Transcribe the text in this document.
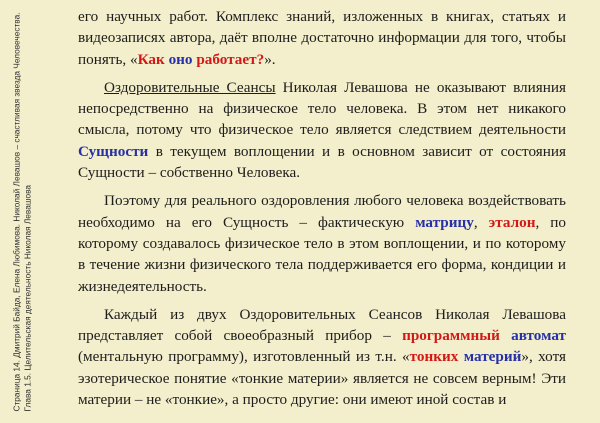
Страница 14. Дмитрий Байда, Елена Любимова. Николай Левашов – счастливая звезда Человечества. Глава 1.5. Целительская деятельность Николая Левашова

его научных работ. Комплекс знаний, изложенных в книгах, статьях и видеозаписях автора, даёт вполне достаточно информации для того, чтобы понять, «Как оно работает?».

Оздоровительные Сеансы Николая Левашова не оказывают влияния непосредственно на физическое тело человека. В этом нет никакого смысла, потому что физическое тело является следствием деятельности Сущности в текущем воплощении и в основном зависит от состояния Сущности – собственно Человека.

Поэтому для реального оздоровления любого человека воздействовать необходимо на его Сущность – фактическую матрицу, эталон, по которому создавалось физическое тело в этом воплощении, и по которому в течение жизни физического тела поддерживается его форма, кондиции и жизнедеятельность.

Каждый из двух Оздоровительных Сеансов Николая Левашова представляет собой своеобразный прибор – программный автомат (ментальную программу), изготовленный из т.н. «тонких материй», хотя эзотерическое понятие «тонкие материи» является не совсем верным! Эти материи – не «тонкие», а просто другие: они имеют иной состав и
